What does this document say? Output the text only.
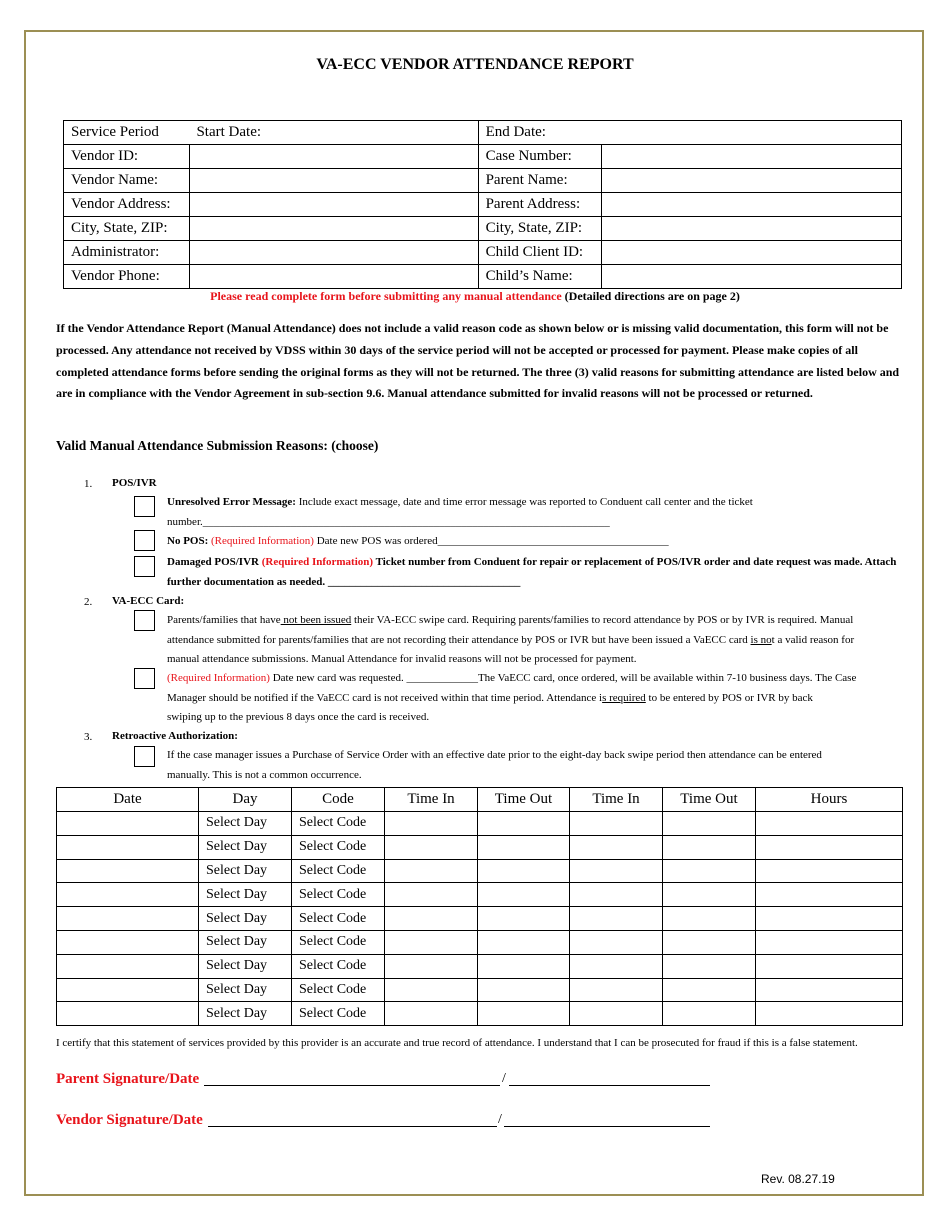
VA-ECC VENDOR ATTENDANCE REPORT
Service Period	Start Date:	End Date:	
Vendor ID:		Case Number:	
Vendor Name:		Parent Name:	
Vendor Address:		Parent Address:	
City, State, ZIP:		City, State, ZIP:	
Administrator:		Child Client ID:	
Vendor Phone:		Child’s Name:	
Please read complete form before submitting any manual attendance (Detailed directions are on page 2)
If the Vendor Attendance Report (Manual Attendance) does not include a valid reason code as shown below or is missing valid documentation, this form will not be processed. Any attendance not received by VDSS within 30 days of the service period will not be accepted or processed for payment. Please make copies of all completed attendance forms before sending the original forms as they will not be returned. The three (3) valid reasons for submitting attendance are listed below and are in compliance with the Vendor Agreement in sub-section 9.6. Manual attendance submitted for invalid reasons will not be processed or returned.
Valid Manual Attendance Submission Reasons: (choose)
1. POS/IVR
Unresolved Error Message: Include exact message, date and time error message was reported to Conduent call center and the ticket
number.__________________________________________________________________________
No POS: (Required Information) Date new POS was ordered__________________________________________
Damaged POS/IVR (Required Information) Ticket number from Conduent for repair or replacement of POS/IVR order and date request was made. Attach
further documentation as needed. ___________________________________
2. VA-ECC Card:
Parents/families that have not been issued their VA-ECC swipe card. Requiring parents/families to record attendance by POS or by IVR is required. Manual
attendance submitted for parents/families that are not recording their attendance by POS or IVR but have been issued a VaECC card is not a valid reason for
manual attendance submissions. Manual Attendance for invalid reasons will not be processed for payment.
(Required Information) Date new card was requested. _____________The VaECC card, once ordered, will be available within 7-10 business days. The Case
Manager should be notified if the VaECC card is not received within that time period. Attendance is required to be entered by POS or IVR by back
swiping up to the previous 8 days once the card is received.
3. Retroactive Authorization:
If the case manager issues a Purchase of Service Order with an effective date prior to the eight-day back swipe period then attendance can be entered
manually. This is not a common occurrence.
Date	Day	Code	Time In	Time Out	Time In	Time Out	Hours
	Select Day	Select Code					
	Select Day	Select Code					
	Select Day	Select Code					
	Select Day	Select Code					
	Select Day	Select Code					
	Select Day	Select Code					
	Select Day	Select Code					
	Select Day	Select Code					
	Select Day	Select Code					
I certify that this statement of services provided by this provider is an accurate and true record of attendance. I understand that I can be prosecuted for fraud if this is a false statement.
Parent Signature/Date	/
Vendor Signature/Date	/
Rev. 08.27.19
